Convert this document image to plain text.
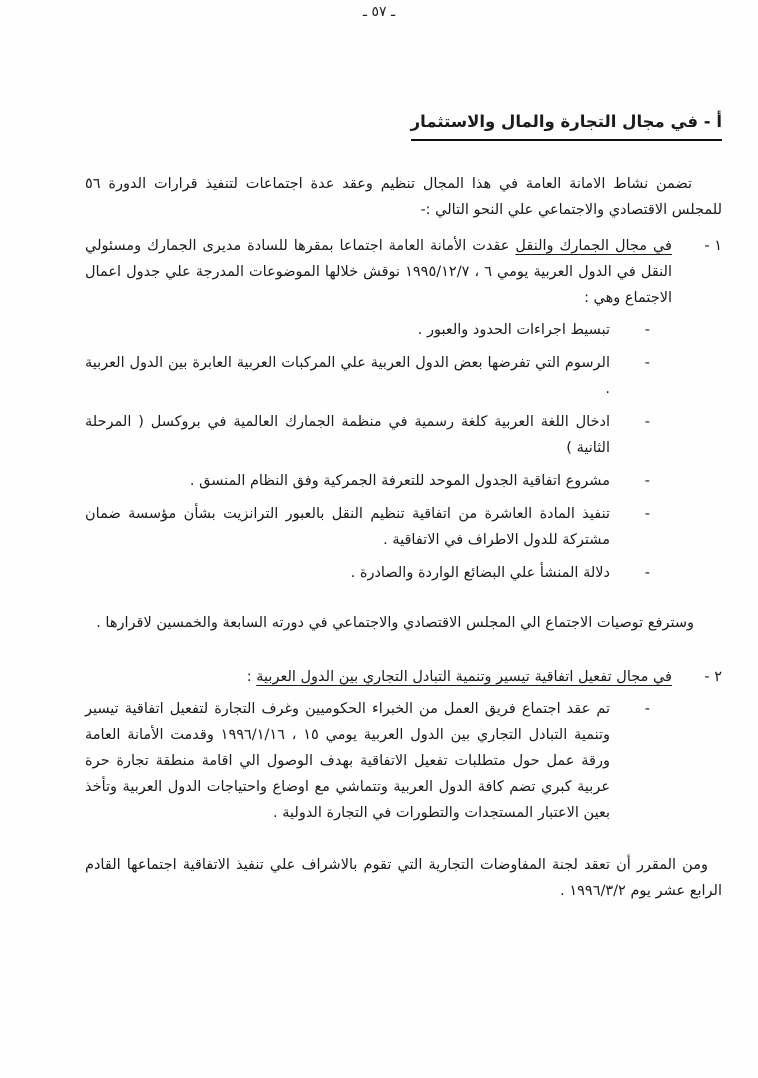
ـ ٥٧ ـ
أ - في مجال التجارة والمال والاستثمار

تضمن نشاط الامانة العامة في هذا المجال تنظيم وعقد عدة اجتماعات لتنفيذ قرارات الدورة ٥٦ للمجلس الاقتصادي والاجتماعي علي النحو التالي :-

١ -

في مجال الجمارك والنقل عقدت الأمانة العامة اجتماعا بمقرها للسادة مديرى الجمارك ومسئولي النقل في الدول العربية يومي ٦ ، ١٩٩٥/١٢/٧ نوقش خلالها الموضوعات المدرجة علي جدول اعمال الاجتماع وهي :

-

تبسيط اجراءات الحدود والعبور .

-

الرسوم التي تفرضها بعض الدول العربية علي المركبات العربية العابرة بين الدول العربية .

-

ادخال اللغة العربية كلغة رسمية في منظمة الجمارك العالمية في بروكسل ( المرحلة الثانية )

-

مشروع اتفاقية الجدول الموحد للتعرفة الجمركية وفق النظام المنسق .

-

تنفيذ المادة العاشرة من اتفاقية تنظيم النقل بالعبور الترانزيت بشأن مؤسسة ضمان مشتركة للدول الاطراف في الاتفاقية .

-

دلالة المنشأ علي البضائع الواردة والصادرة .

وسترفع توصيات الاجتماع الي المجلس الاقتصادي والاجتماعي في دورته السابعة والخمسين لاقرارها .

٢ -

في مجال تفعيل اتفاقية تيسير وتنمية التبادل التجاري بين الدول العربية :

-

تم عقد اجتماع فريق العمل من الخبراء الحكوميين وغرف التجارة لتفعيل اتفاقية تيسير وتنمية التبادل التجاري بين الدول العربية يومي ١٥ ، ١٩٩٦/١/١٦ وقدمت الأمانة العامة ورقة عمل حول متطلبات تفعيل الاتفاقية بهدف الوصول الي اقامة منطقة تجارة حرة عربية كبري تضم كافة الدول العربية وتتماشي مع اوضاع واحتياجات الدول العربية وتأخذ بعين الاعتبار المستجدات والتطورات في التجارة الدولية .

ومن المقرر أن تعقد لجنة المفاوضات التجارية التي تقوم بالاشراف علي تنفيذ الاتفاقية اجتماعها القادم الرابع عشر يوم ١٩٩٦/٣/٢ .
